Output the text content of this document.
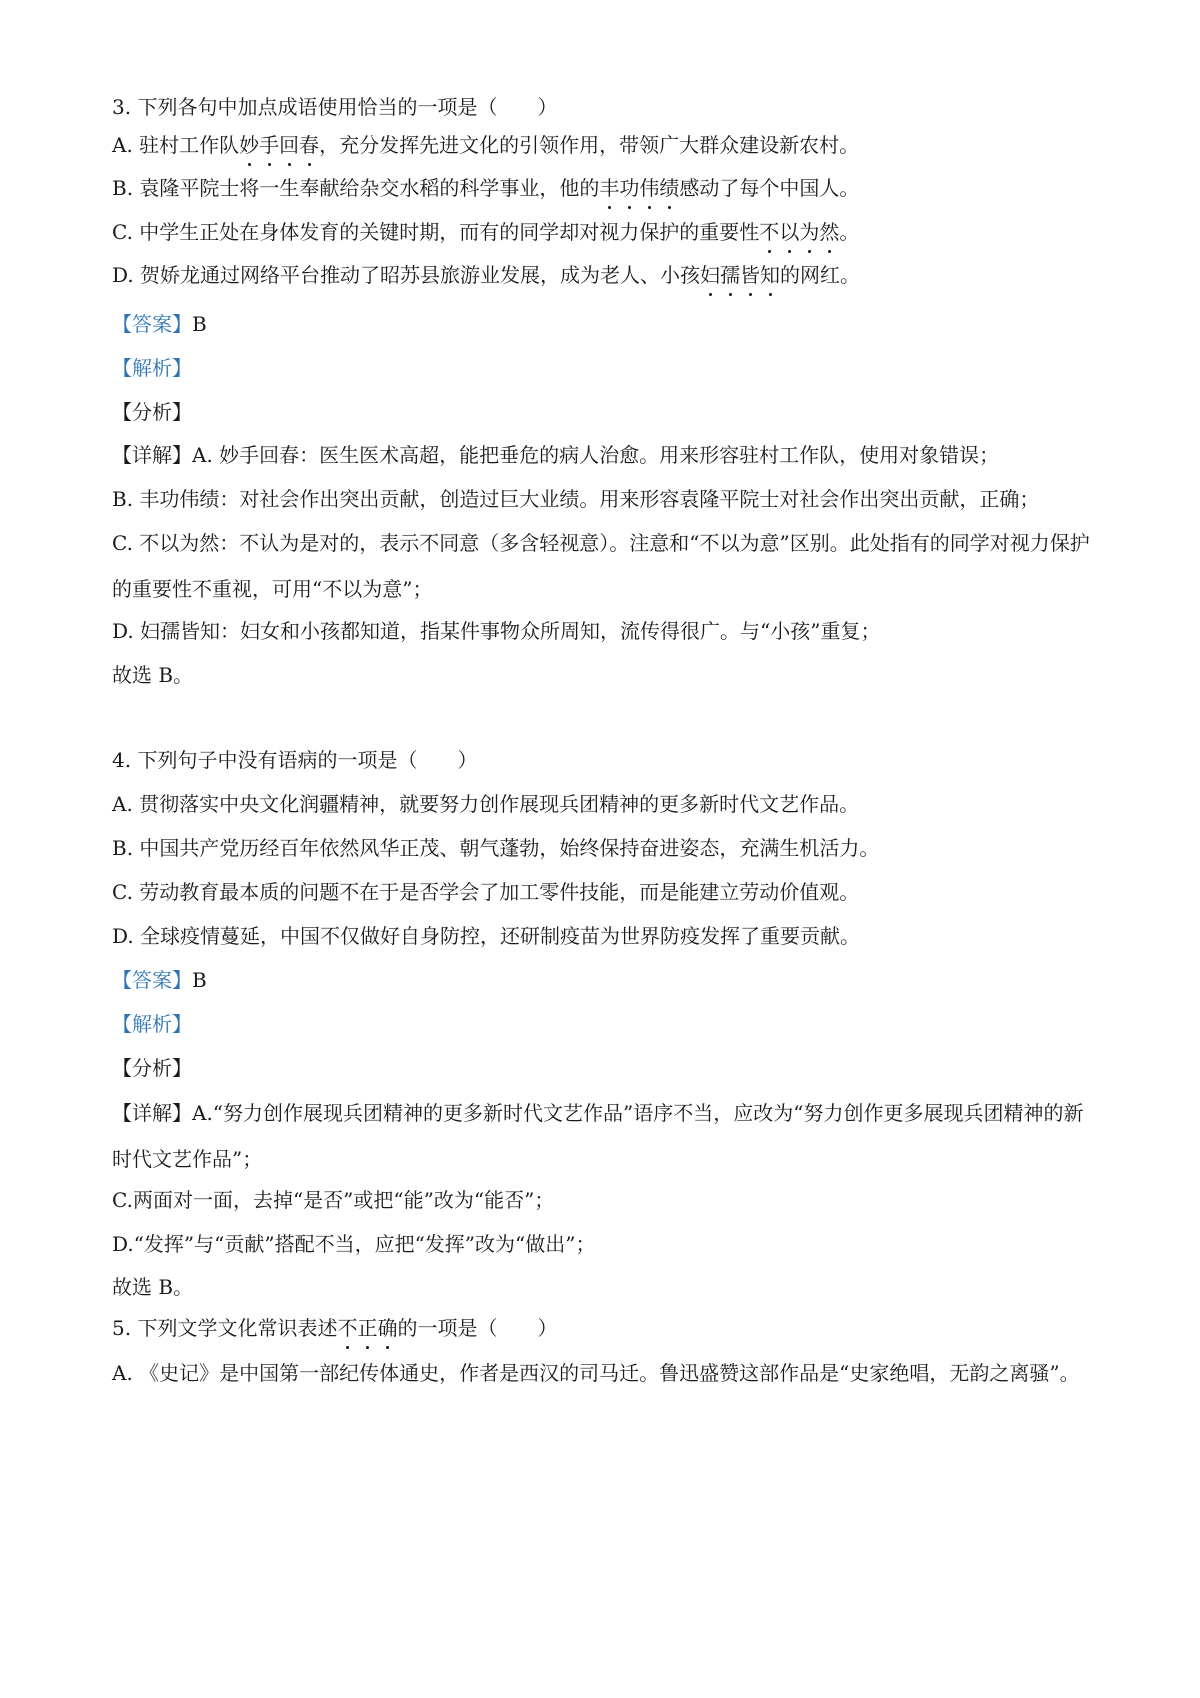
3. 下列各句中加点成语使用恰当的一项是（　　）
A. 驻村工作队妙手回春，充分发挥先进文化的引领作用，带领广大群众建设新农村。
B. 袁隆平院士将一生奉献给杂交水稻的科学事业，他的丰功伟绩感动了每个中国人。
C. 中学生正处在身体发育的关键时期，而有的同学却对视力保护的重要性不以为然。
D. 贺娇龙通过网络平台推动了昭苏县旅游业发展，成为老人、小孩妇孺皆知的网红。
【答案】B
【解析】
【分析】
【详解】A. 妙手回春：医生医术高超，能把垂危的病人治愈。用来形容驻村工作队，使用对象错误；
B. 丰功伟绩：对社会作出突出贡献，创造过巨大业绩。用来形容袁隆平院士对社会作出突出贡献，正确；
C. 不以为然：不认为是对的，表示不同意（多含轻视意）。注意和“不以为意”区别。此处指有的同学对视力保护的重要性不重视，可用“不以为意”；
D. 妇孺皆知：妇女和小孩都知道，指某件事物众所周知，流传得很广。与“小孩”重复；
故选 B。
4. 下列句子中没有语病的一项是（　　）
A. 贯彻落实中央文化润疆精神，就要努力创作展现兵团精神的更多新时代文艺作品。
B. 中国共产党历经百年依然风华正茂、朝气蓬勃，始终保持奋进姿态，充满生机活力。
C. 劳动教育最本质的问题不在于是否学会了加工零件技能，而是能建立劳动价值观。
D. 全球疫情蔓延，中国不仅做好自身防控，还研制疫苗为世界防疫发挥了重要贡献。
【答案】B
【解析】
【分析】
【详解】A.“努力创作展现兵团精神的更多新时代文艺作品”语序不当，应改为“努力创作更多展现兵团精神的新时代文艺作品”；
C.两面对一面，去掉“是否”或把“能”改为“能否”；
D.“发挥”与“贡献”搭配不当，应把“发挥”改为“做出”；
故选 B。
5. 下列文学文化常识表述不正确的一项是（　　）
A. 《史记》是中国第一部纪传体通史，作者是西汉的司马迁。鲁迅盛赞这部作品是“史家绝唱，无韵之离骚”。
